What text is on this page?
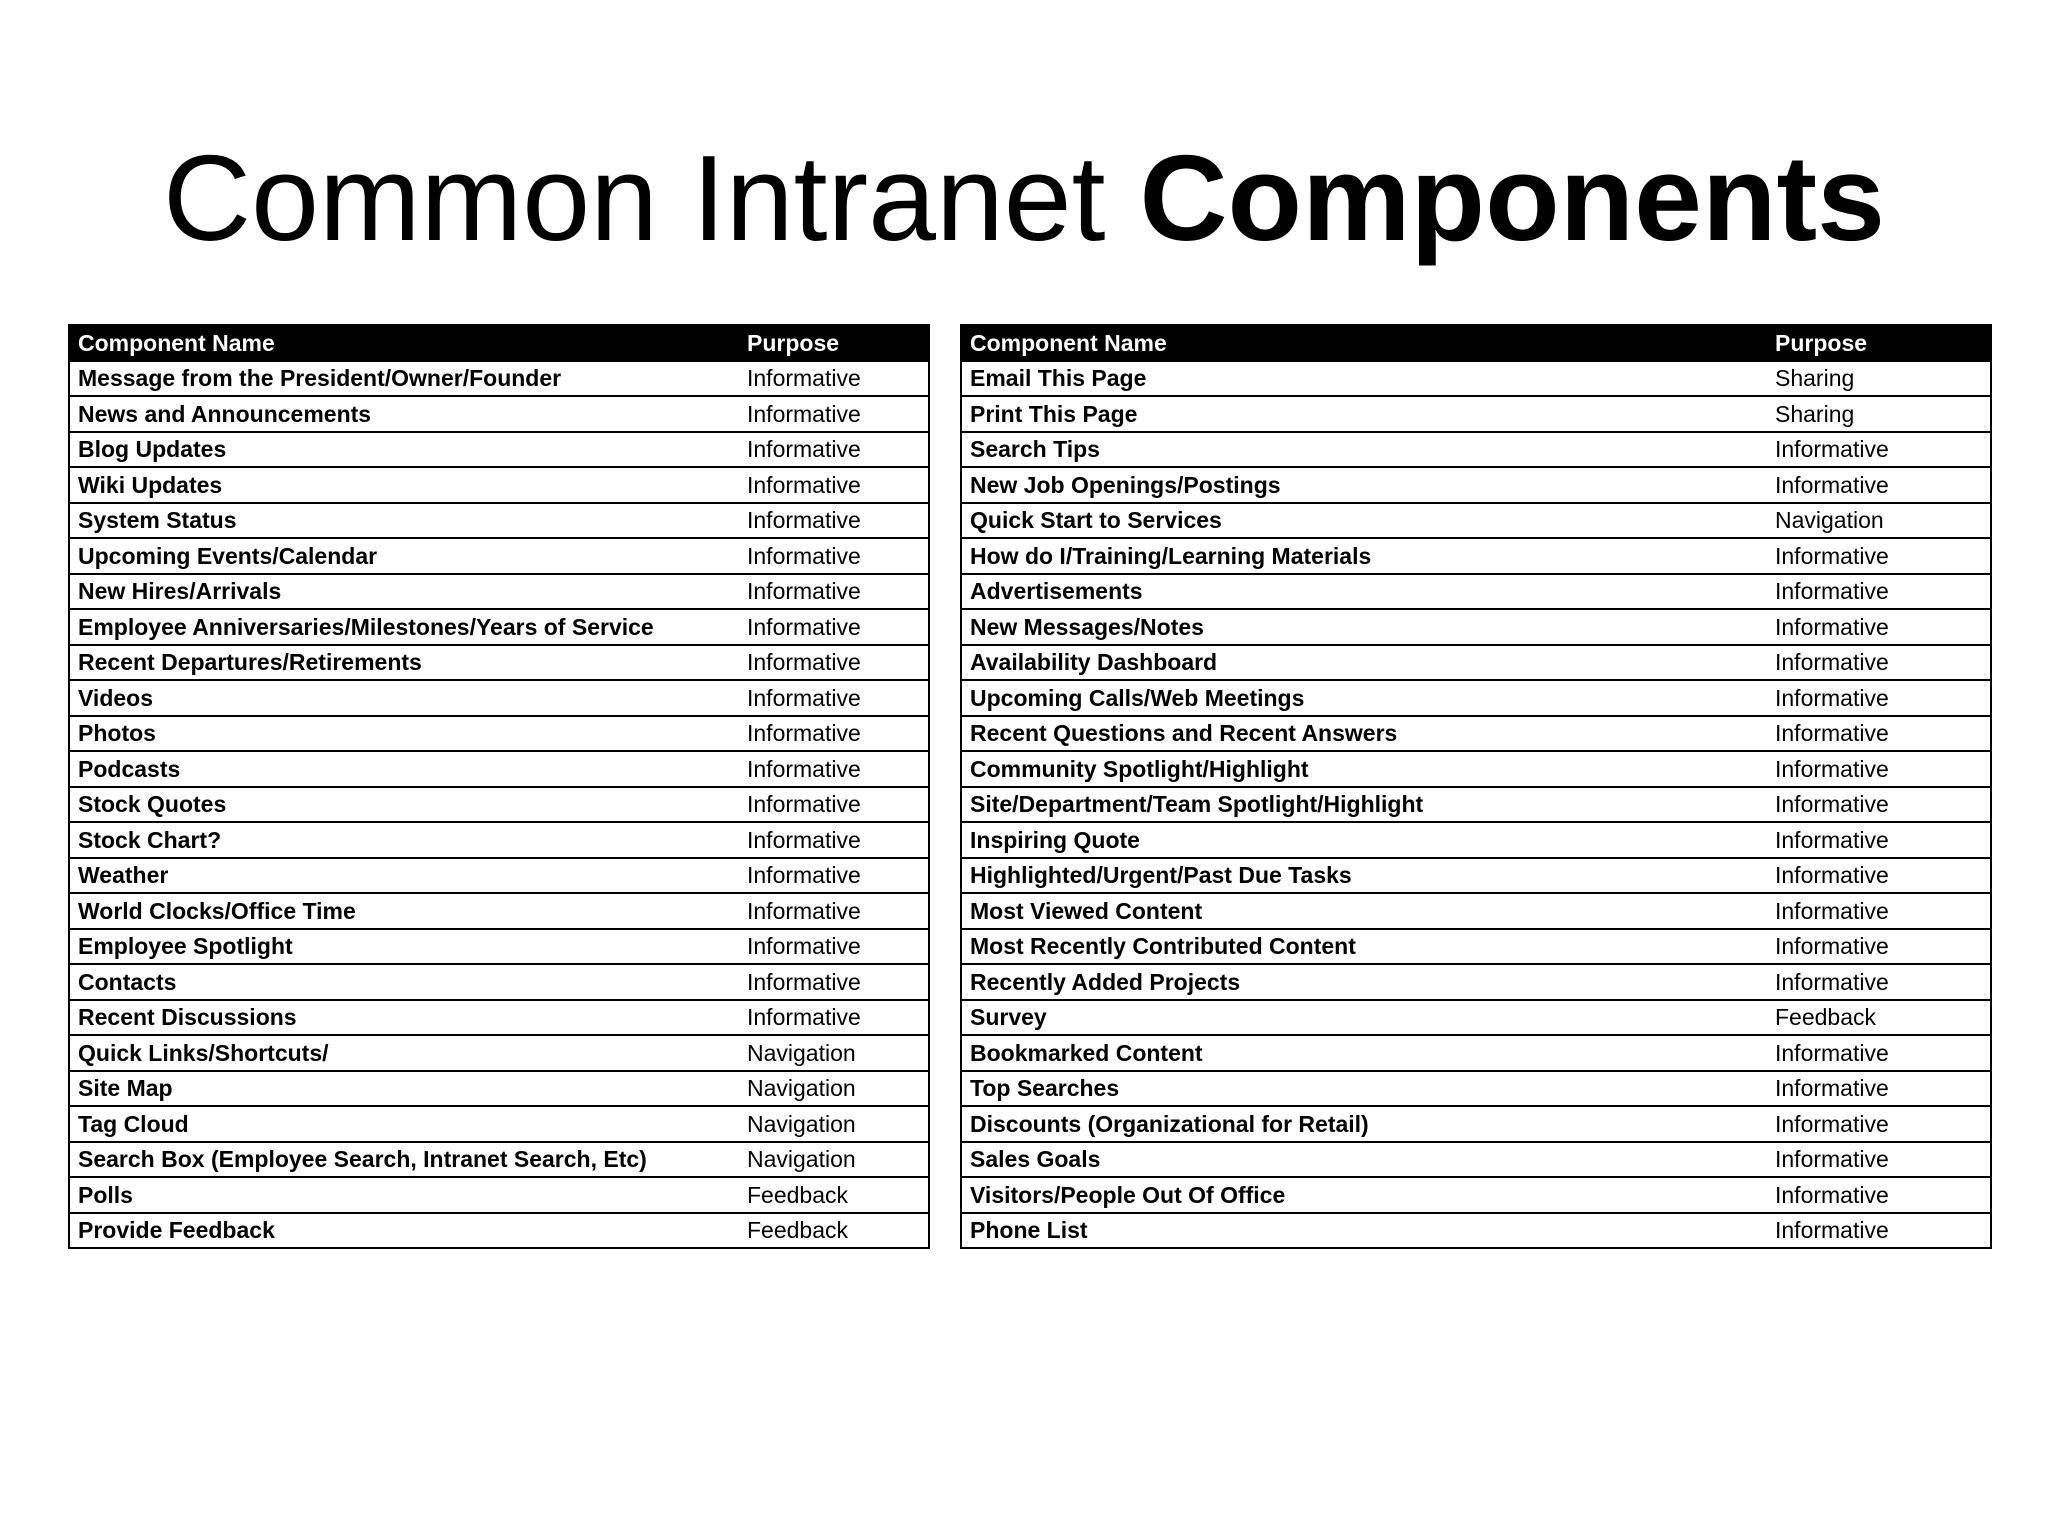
Common Intranet Components
Component Name	Purpose
Message from the President/Owner/Founder	Informative
News and Announcements	Informative
Blog Updates	Informative
Wiki Updates	Informative
System Status	Informative
Upcoming Events/Calendar	Informative
New Hires/Arrivals	Informative
Employee Anniversaries/Milestones/Years of Service	Informative
Recent Departures/Retirements	Informative
Videos	Informative
Photos	Informative
Podcasts	Informative
Stock Quotes	Informative
Stock Chart?	Informative
Weather	Informative
World Clocks/Office Time	Informative
Employee Spotlight	Informative
Contacts	Informative
Recent Discussions	Informative
Quick Links/Shortcuts/	Navigation
Site Map	Navigation
Tag Cloud	Navigation
Search Box (Employee Search, Intranet Search, Etc)	Navigation
Polls	Feedback
Provide Feedback	Feedback
Component Name	Purpose
Email This Page	Sharing
Print This Page	Sharing
Search Tips	Informative
New Job Openings/Postings	Informative
Quick Start to Services	Navigation
How do I/Training/Learning Materials	Informative
Advertisements	Informative
New Messages/Notes	Informative
Availability Dashboard	Informative
Upcoming Calls/Web Meetings	Informative
Recent Questions and Recent Answers	Informative
Community Spotlight/Highlight	Informative
Site/Department/Team Spotlight/Highlight	Informative
Inspiring Quote	Informative
Highlighted/Urgent/Past Due Tasks	Informative
Most Viewed Content	Informative
Most Recently Contributed Content	Informative
Recently Added Projects	Informative
Survey	Feedback
Bookmarked Content	Informative
Top Searches	Informative
Discounts (Organizational for Retail)	Informative
Sales Goals	Informative
Visitors/People Out Of Office	Informative
Phone List	Informative
